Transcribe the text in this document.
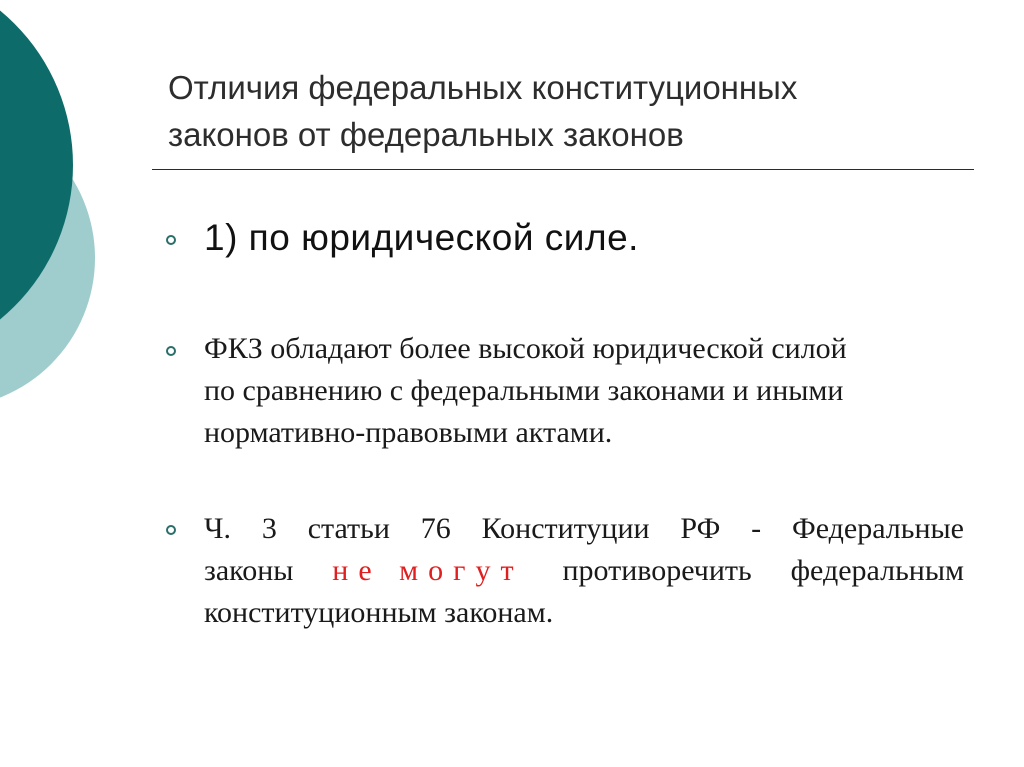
Отличия федеральных конституционных
законов от федеральных законов
1) по юридической силе.
ФКЗ обладают более высокой юридической силой
по сравнению с федеральными законами и иными
нормативно-правовыми актами.
Ч. 3 статьи 76 Конституции РФ - Федеральные
законы не могут противоречить федеральным
конституционным законам.
